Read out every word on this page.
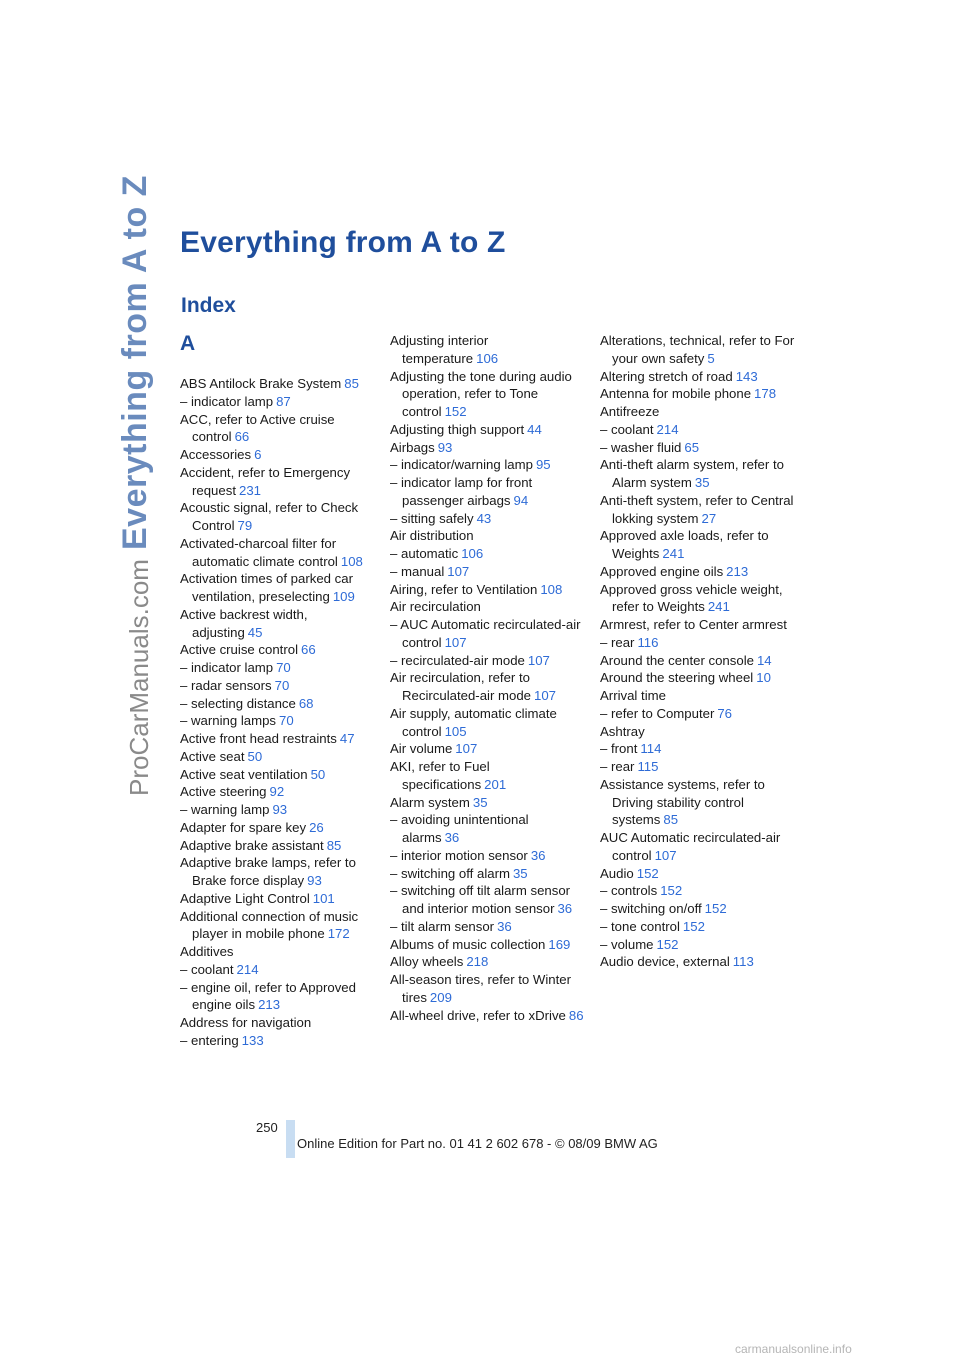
Everything from A to Z
ProCarManuals.com
Everything from A to Z
Index
A
ABS Antilock Brake System 85
– indicator lamp 87
ACC, refer to Active cruise control 66
Accessories 6
Accident, refer to Emergency request 231
Acoustic signal, refer to Check Control 79
Activated-charcoal filter for automatic climate control 108
Activation times of parked car ventilation, preselecting 109
Active backrest width, adjusting 45
Active cruise control 66
– indicator lamp 70
– radar sensors 70
– selecting distance 68
– warning lamps 70
Active front head restraints 47
Active seat 50
Active seat ventilation 50
Active steering 92
– warning lamp 93
Adapter for spare key 26
Adaptive brake assistant 85
Adaptive brake lamps, refer to Brake force display 93
Adaptive Light Control 101
Additional connection of music player in mobile phone 172
Additives
– coolant 214
– engine oil, refer to Approved engine oils 213
Address for navigation
– entering 133
Adjusting interior temperature 106
Adjusting the tone during audio operation, refer to Tone control 152
Adjusting thigh support 44
Airbags 93
– indicator/warning lamp 95
– indicator lamp for front passenger airbags 94
– sitting safely 43
Air distribution
– automatic 106
– manual 107
Airing, refer to Ventilation 108
Air recirculation
– AUC Automatic recirculated-air control 107
– recirculated-air mode 107
Air recirculation, refer to Recirculated-air mode 107
Air supply, automatic climate control 105
Air volume 107
AKI, refer to Fuel specifications 201
Alarm system 35
– avoiding unintentional alarms 36
– interior motion sensor 36
– switching off alarm 35
– switching off tilt alarm sensor and interior motion sensor 36
– tilt alarm sensor 36
Albums of music collection 169
Alloy wheels 218
All-season tires, refer to Winter tires 209
All-wheel drive, refer to xDrive 86
Alterations, technical, refer to For your own safety 5
Altering stretch of road 143
Antenna for mobile phone 178
Antifreeze
– coolant 214
– washer fluid 65
Anti-theft alarm system, refer to Alarm system 35
Anti-theft system, refer to Central lokking system 27
Approved axle loads, refer to Weights 241
Approved engine oils 213
Approved gross vehicle weight, refer to Weights 241
Armrest, refer to Center armrest
– rear 116
Around the center console 14
Around the steering wheel 10
Arrival time
– refer to Computer 76
Ashtray
– front 114
– rear 115
Assistance systems, refer to Driving stability control systems 85
AUC Automatic recirculated-air control 107
Audio 152
– controls 152
– switching on/off 152
– tone control 152
– volume 152
Audio device, external 113
250
Online Edition for Part no. 01 41 2 602 678 - © 08/09 BMW AG
carmanualsonline.info
